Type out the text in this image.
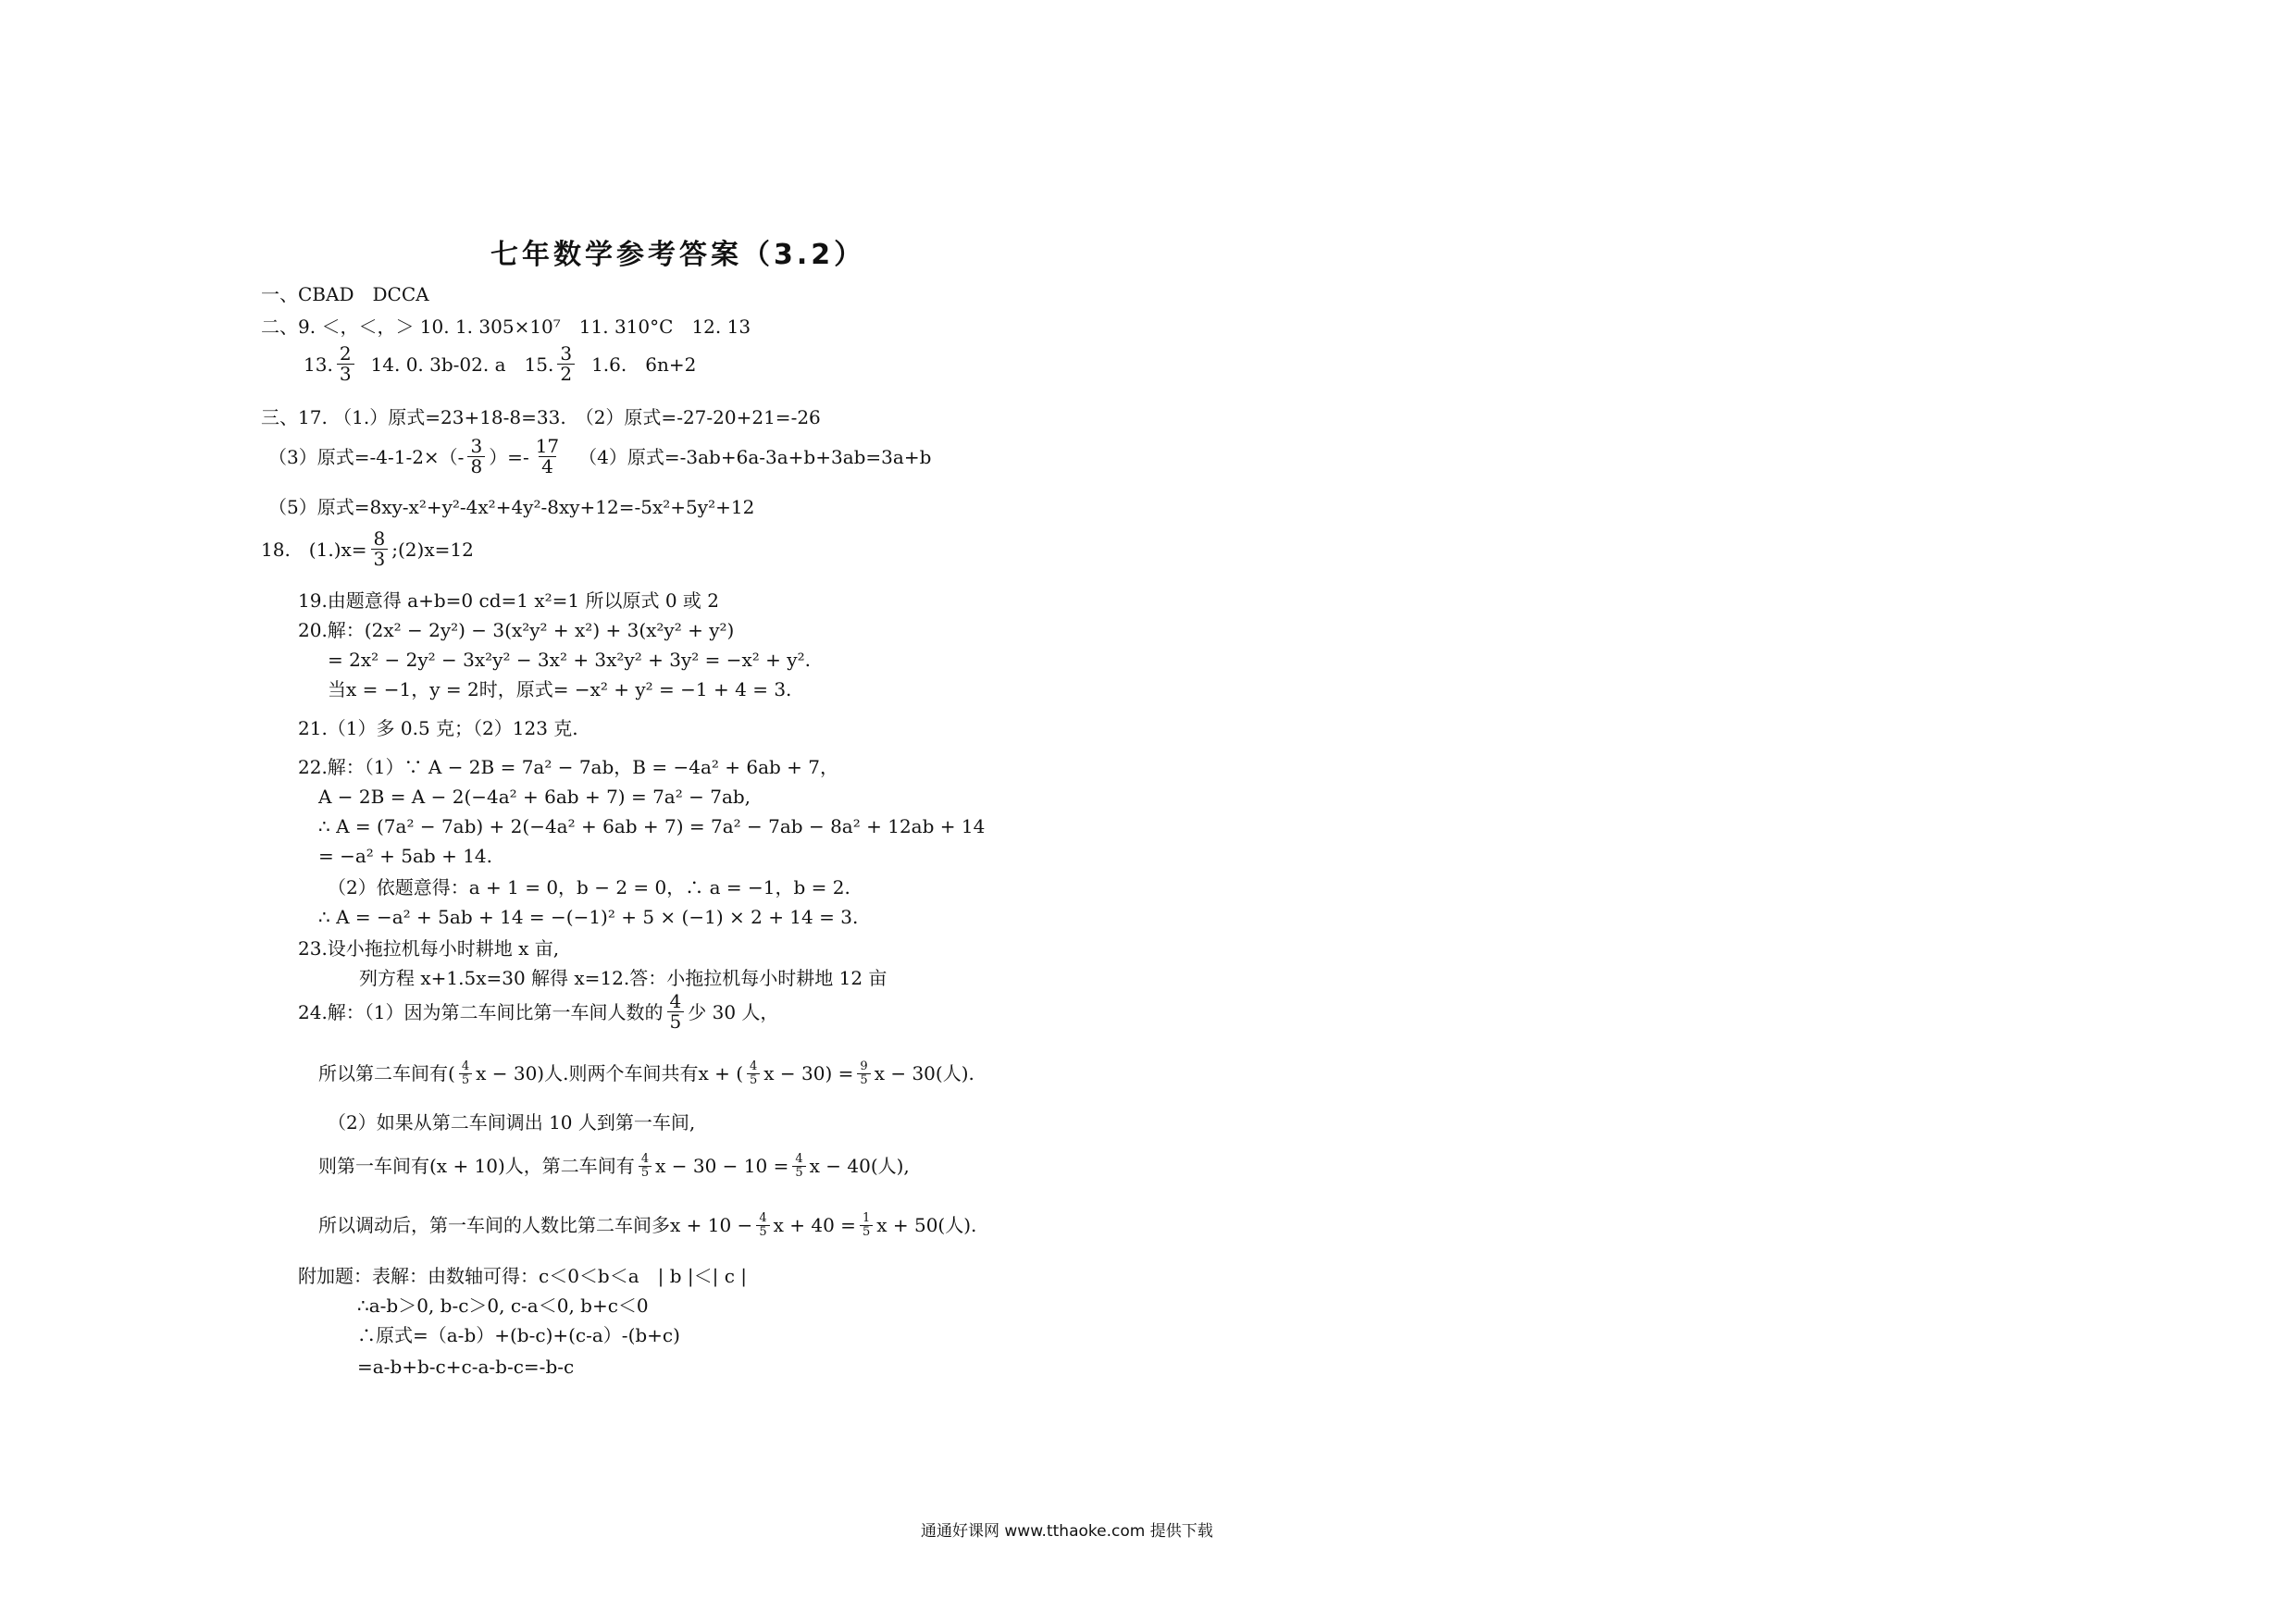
七年数学参考答案（3.2）
一、CBAD　DCCA
二、9. ＜，＜，＞ 10. 1. 305×10⁷　11. 310°C　12. 13
13. $\frac{2}{3} 14$. 0. 3b-02. a　15. $\frac{3}{2} 1.6$.　6n+2
三、17. （1.）原式=23+18-8=33.　（2）原式=-27-20+21=-26
（3）原式$=-4-1-2\times(- \frac{3}{8}$ ）=- $\frac{17}{4} (4)$原式=-3ab+6a-3a+b+3ab=3a+b
（5）原式=8xy-x²+y²-4x²+4y²-8xy+12=-5x²+5y²+12
18.　$(1.)x= \frac{8}{3}$ ;(2)x=12
19.由题意得 a+b=0 cd=1 x²=1 所以原式 0 或 2
20.解：(2x² − 2y²) − 3(x²y² + x²) + 3(x²y² + y²)
= 2x² − 2y² − 3x²y² − 3x² + 3x²y² + 3y² = −x² + y².
当x = −1，y = 2时，原式= −x² + y² = −1 + 4 = 3.
21.（1）多 0.5 克；（2）123 克.
22.解：（1）∵ A − 2B = 7a² − 7ab，B = −4a² + 6ab + 7，
A − 2B = A − 2(−4a² + 6ab + 7) = 7a² − 7ab,
∴ A = (7a² − 7ab) + 2(−4a² + 6ab + 7) = 7a² − 7ab − 8a² + 12ab + 14
= −a² + 5ab + 14.
（2）依题意得：a + 1 = 0，b − 2 = 0，∴ a = −1，b = 2.
∴ A = −a² + 5ab + 14 = −(−1)² + 5 × (−1) × 2 + 14 = 3.
23.设小拖拉机每小时耕地 x 亩,
列方程 x+1.5x=30 解得 x=12.答：小拖拉机每小时耕地 12 亩
24.解：（1）因为第二车间比第一车间人数的 $\frac{4}{5}$ 少 30 人，
所以第二车间有( $\frac{4}{5}$ x − 30)人.则两个车间共有x + ( $\frac{4}{5}$ $x - 30) = \frac{9}{5}$ x − 30(人).
（2）如果从第二车间调出 10 人到第一车间,
则第一车间有(x + 10)人，第二车间有 $\frac{4}{5}$ $x - 30 - 10 = \frac{4}{5}$ x − 40(人),
所以调动后，第一车间的人数比第二车间多$x + 10 - \frac{4}{5}$ $x + 40 = \frac{1}{5}$ x + 50(人).
附加题：表解：由数轴可得：c＜0＜b＜a　| b |＜| c |
∴a-b＞0, b-c＞0, c-a＜0, b+c＜0
∴原式=（a-b）+(b-c)+(c-a）-(b+c)
=a-b+b-c+c-a-b-c=-b-c
通通好课网 www.tthaoke.com 提供下载
